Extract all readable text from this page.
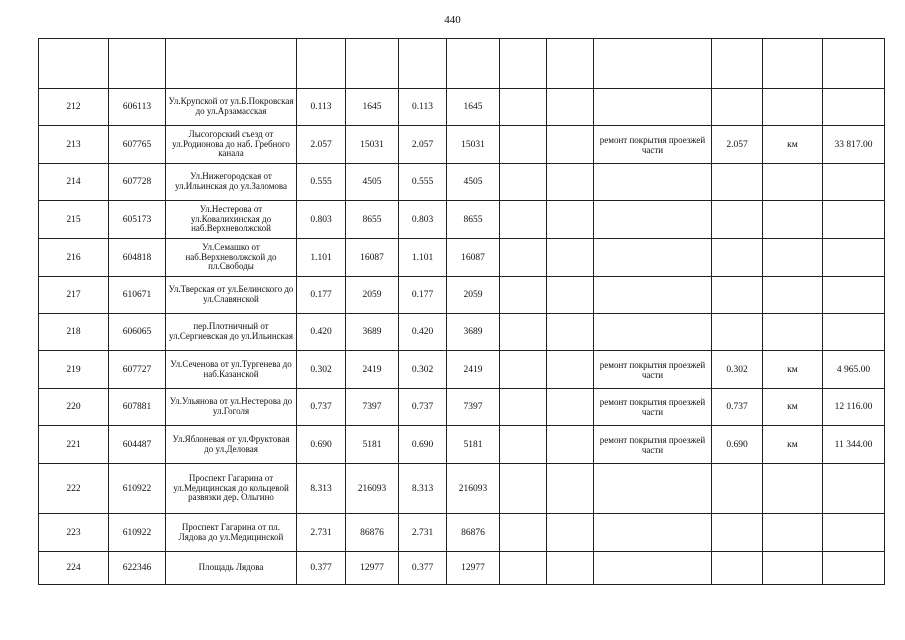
440

212	606113	Ул.Крупской от ул.Б.Покровская до ул.Арзамасская	0.113	1645	0.113	1645						
213	607765	Лысогорский съезд от ул.Родионова до наб. Гребного канала	2.057	15031	2.057	15031			ремонт покрытия проезжей части	2.057	км	33 817.00
214	607728	Ул.Нижегородская от ул.Ильинская до ул.Заломова	0.555	4505	0.555	4505						
215	605173	Ул.Нестерова от ул.Ковалихинская до наб.Верхневолжской	0.803	8655	0.803	8655						
216	604818	Ул.Семашко от наб.Верхневолжской до пл.Свободы	1.101	16087	1.101	16087						
217	610671	Ул.Тверская от ул.Белинского до ул.Славянской	0.177	2059	0.177	2059						
218	606065	пер.Плотничный от ул.Сергиевская до ул.Ильинская	0.420	3689	0.420	3689						
219	607727	Ул.Сеченова от ул.Тургенева до наб.Казанской	0.302	2419	0.302	2419			ремонт покрытия проезжей части	0.302	км	4 965.00
220	607881	Ул.Ульянова от ул.Нестерова до ул.Гоголя	0.737	7397	0.737	7397			ремонт покрытия проезжей части	0.737	км	12 116.00
221	604487	Ул.Яблоневая от ул.Фруктовая до ул.Деловая	0.690	5181	0.690	5181			ремонт покрытия проезжей части	0.690	км	11 344.00
222	610922	Проспект Гагарина от ул.Медицинская до кольцевой развязки дер. Ольгино	8.313	216093	8.313	216093						
223	610922	Проспект Гагарина от пл. Лядова до ул.Медицинской	2.731	86876	2.731	86876						
224	622346	Площадь Лядова	0.377	12977	0.377	12977						
